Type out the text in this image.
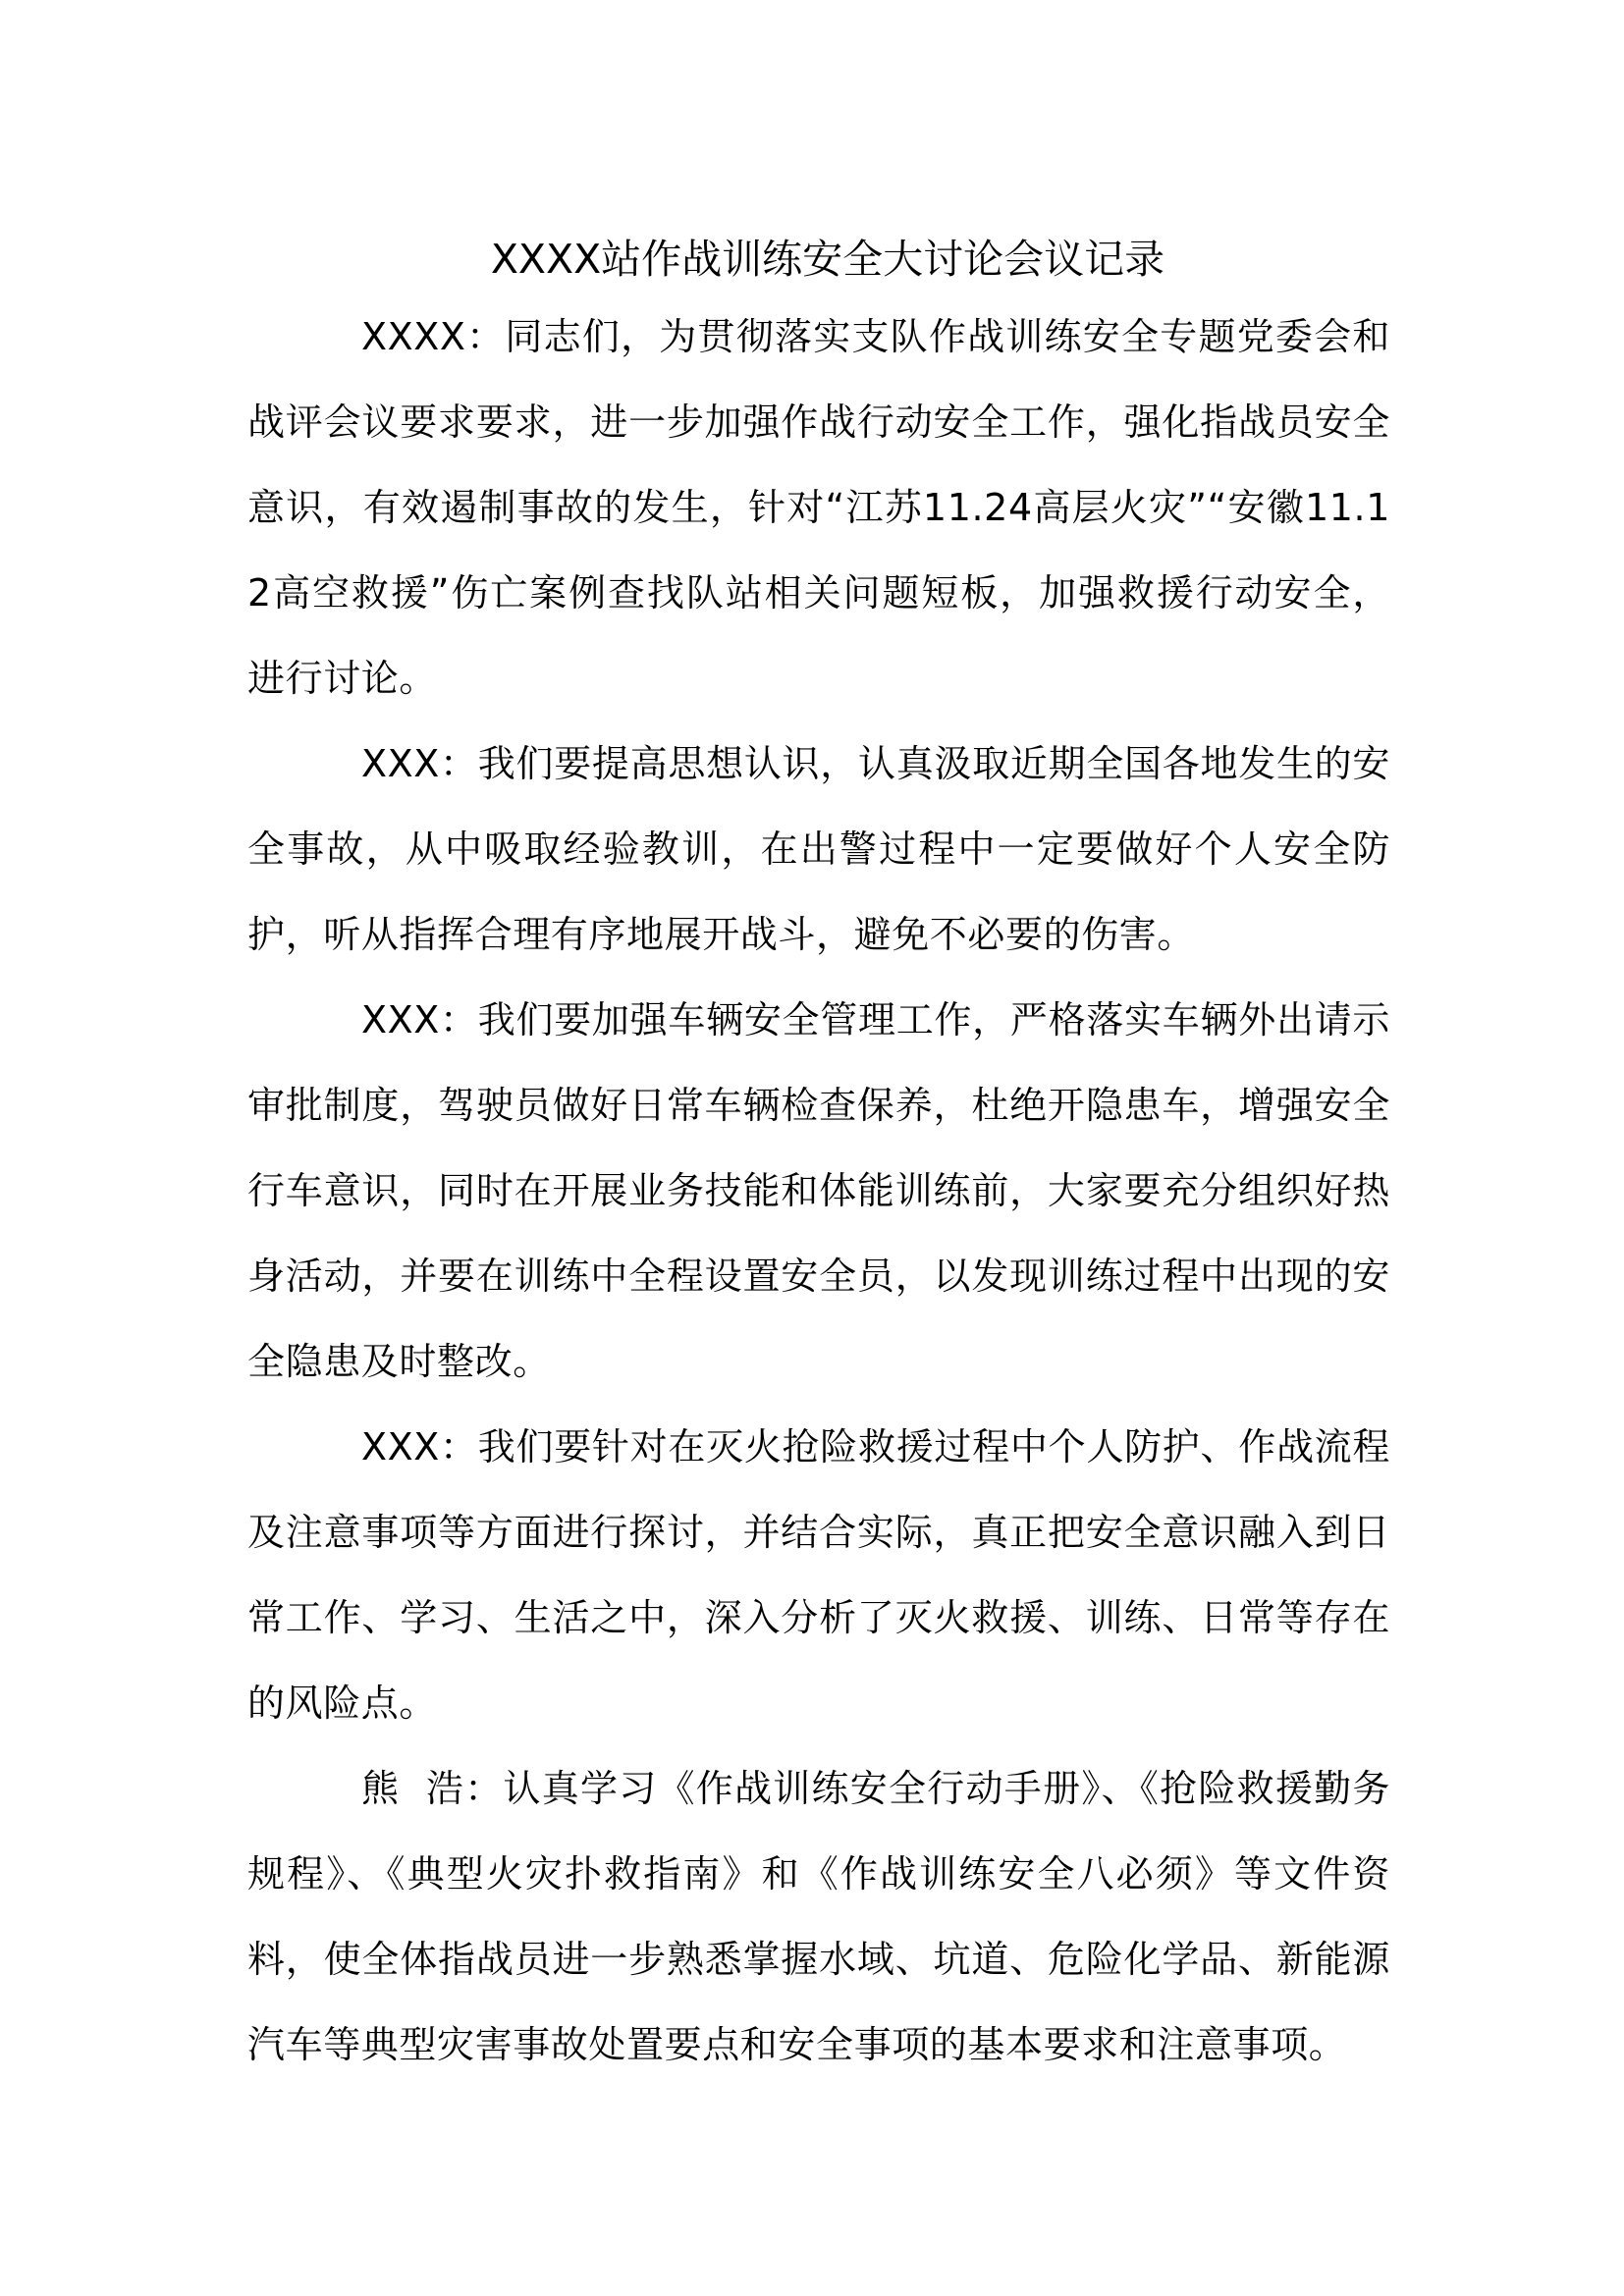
XXXX站作战训练安全大讨论会议记录

XXXX：同志们，为贯彻落实支队作战训练安全专题党委会和战评会议要求要求，进一步加强作战行动安全工作，强化指战员安全意识，有效遏制事故的发生，针对“江苏11.24高层火灾”“安徽11.12高空救援”伤亡案例查找队站相关问题短板，加强救援行动安全，进行讨论。

XXX：我们要提高思想认识，认真汲取近期全国各地发生的安全事故，从中吸取经验教训，在出警过程中一定要做好个人安全防护，听从指挥合理有序地展开战斗，避免不必要的伤害。

XXX：我们要加强车辆安全管理工作，严格落实车辆外出请示审批制度，驾驶员做好日常车辆检查保养，杜绝开隐患车，增强安全行车意识，同时在开展业务技能和体能训练前，大家要充分组织好热身活动，并要在训练中全程设置安全员，以发现训练过程中出现的安全隐患及时整改。

XXX：我们要针对在灭火抢险救援过程中个人防护、作战流程及注意事项等方面进行探讨，并结合实际，真正把安全意识融入到日常工作、学习、生活之中，深入分析了灭火救援、训练、日常等存在的风险点。

熊  浩：认真学习《作战训练安全行动手册》、《抢险救援勤务规程》、《典型火灾扑救指南》和《作战训练安全八必须》等文件资料，使全体指战员进一步熟悉掌握水域、坑道、危险化学品、新能源汽车等典型灾害事故处置要点和安全事项的基本要求和注意事项。
